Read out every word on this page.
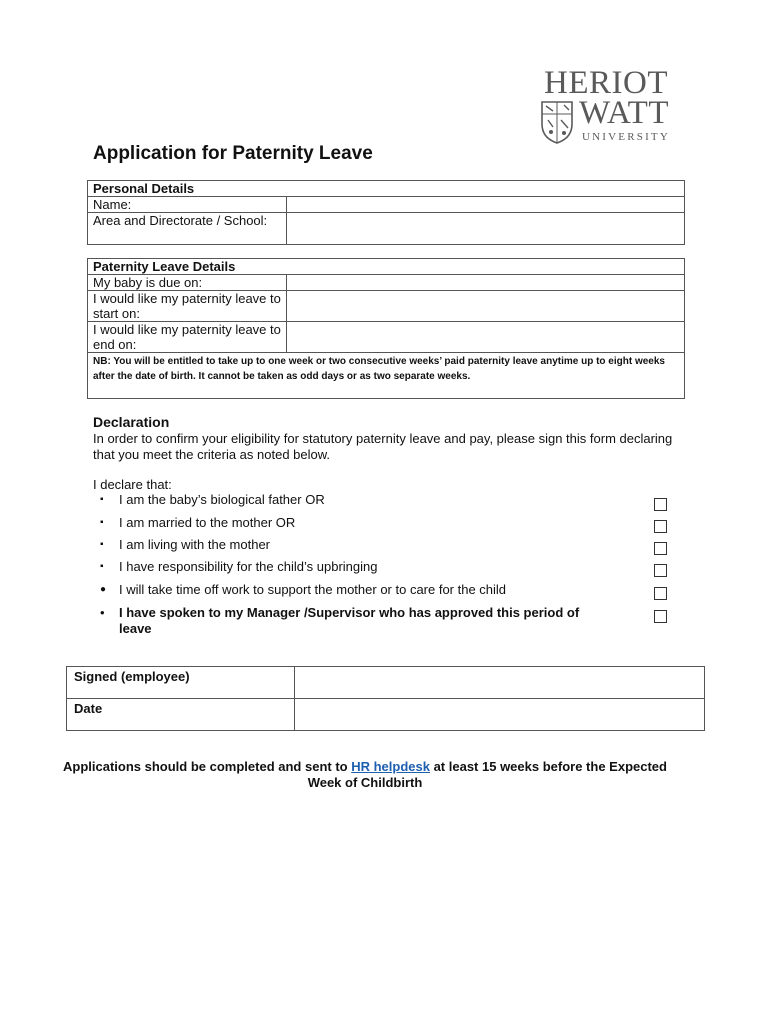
HERIOT
WATT
UNIVERSITY
Application for Paternity Leave
Personal Details	
Name:	
Area and Directorate / School:	
Paternity Leave Details	
My baby is due on:	
I would like my paternity leave to start on:	
I would like my paternity leave to end on:	
NB: You will be entitled to take up to one week or two consecutive weeks’ paid paternity leave anytime up to eight weeks after the date of birth. It cannot be taken as odd days or as two separate weeks.	
Declaration
In order to confirm your eligibility for statutory paternity leave and pay, please sign this form declaring that you meet the criteria as noted below.
I declare that:
▪ I am the baby’s biological father OR
▪ I am married to the mother OR
▪ I am living with the mother
▪ I have responsibility for the child’s upbringing
● I will take time off work to support the mother or to care for the child
• I have spoken to my Manager /Supervisor who has approved this period of leave
Signed (employee)	
Date	
Applications should be completed and sent to HR helpdesk at least 15 weeks before the Expected Week of Childbirth
